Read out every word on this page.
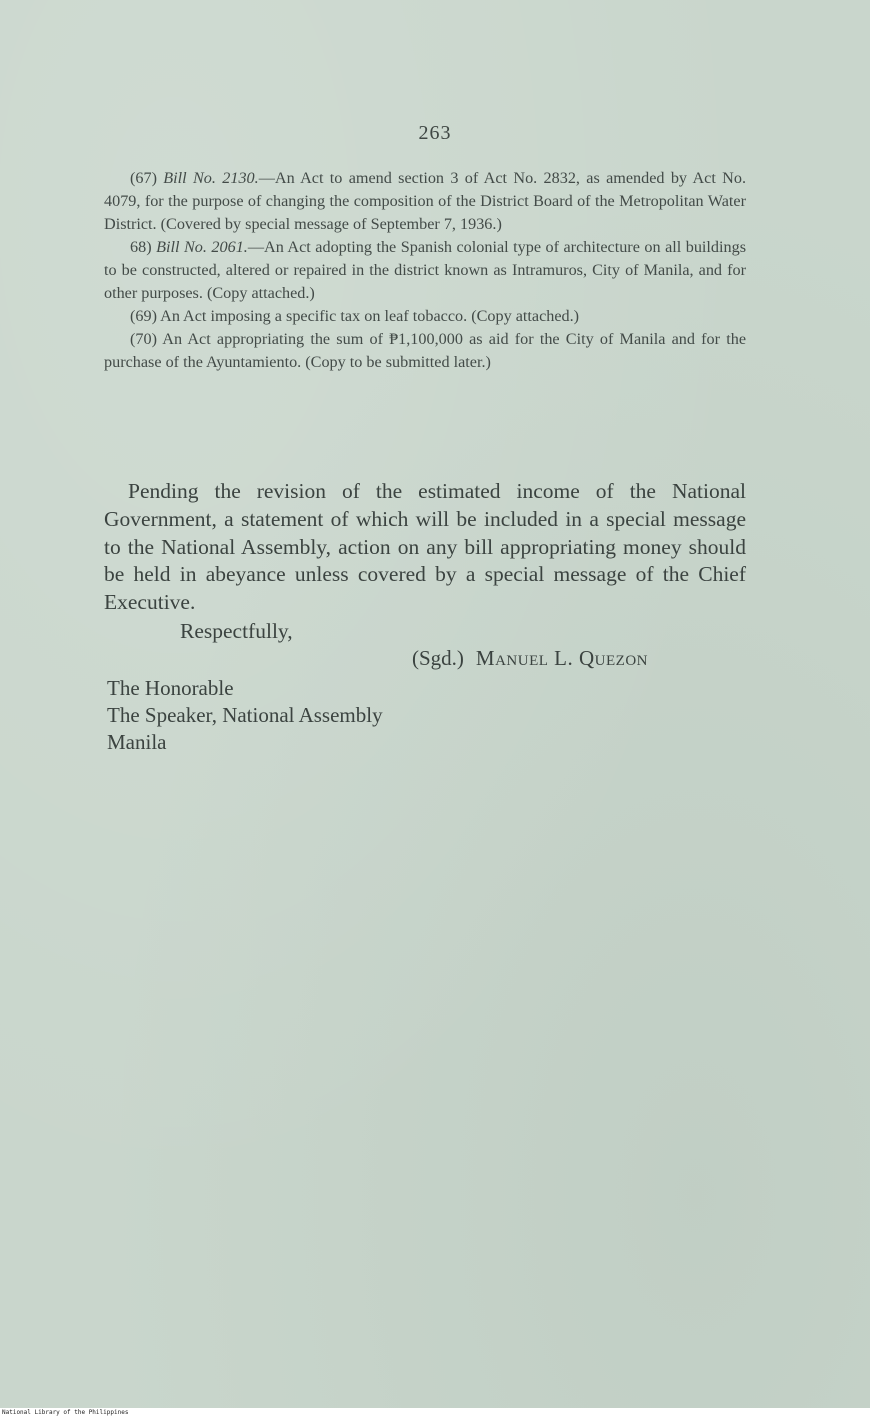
263

(67) Bill No. 2130.—An Act to amend section 3 of Act No. 2832, as amended by Act No. 4079, for the purpose of changing the composition of the District Board of the Metropolitan Water District. (Covered by special message of September 7, 1936.)

68) Bill No. 2061.—An Act adopting the Spanish colonial type of architecture on all buildings to be constructed, altered or repaired in the district known as Intramuros, City of Manila, and for other purposes. (Copy attached.)

(69) An Act imposing a specific tax on leaf tobacco. (Copy attached.)

(70) An Act appropriating the sum of ₱1,100,000 as aid for the City of Manila and for the purchase of the Ayuntamiento. (Copy to be submitted later.)

Pending the revision of the estimated income of the National Government, a statement of which will be included in a special message to the National Assembly, action on any bill appropriating money should be held in abeyance unless covered by a special message of the Chief Executive.

Respectfully,
(Sgd.) Manuel L. Quezon
The Honorable
The Speaker, National Assembly
Manila
National Library of the Philippines
